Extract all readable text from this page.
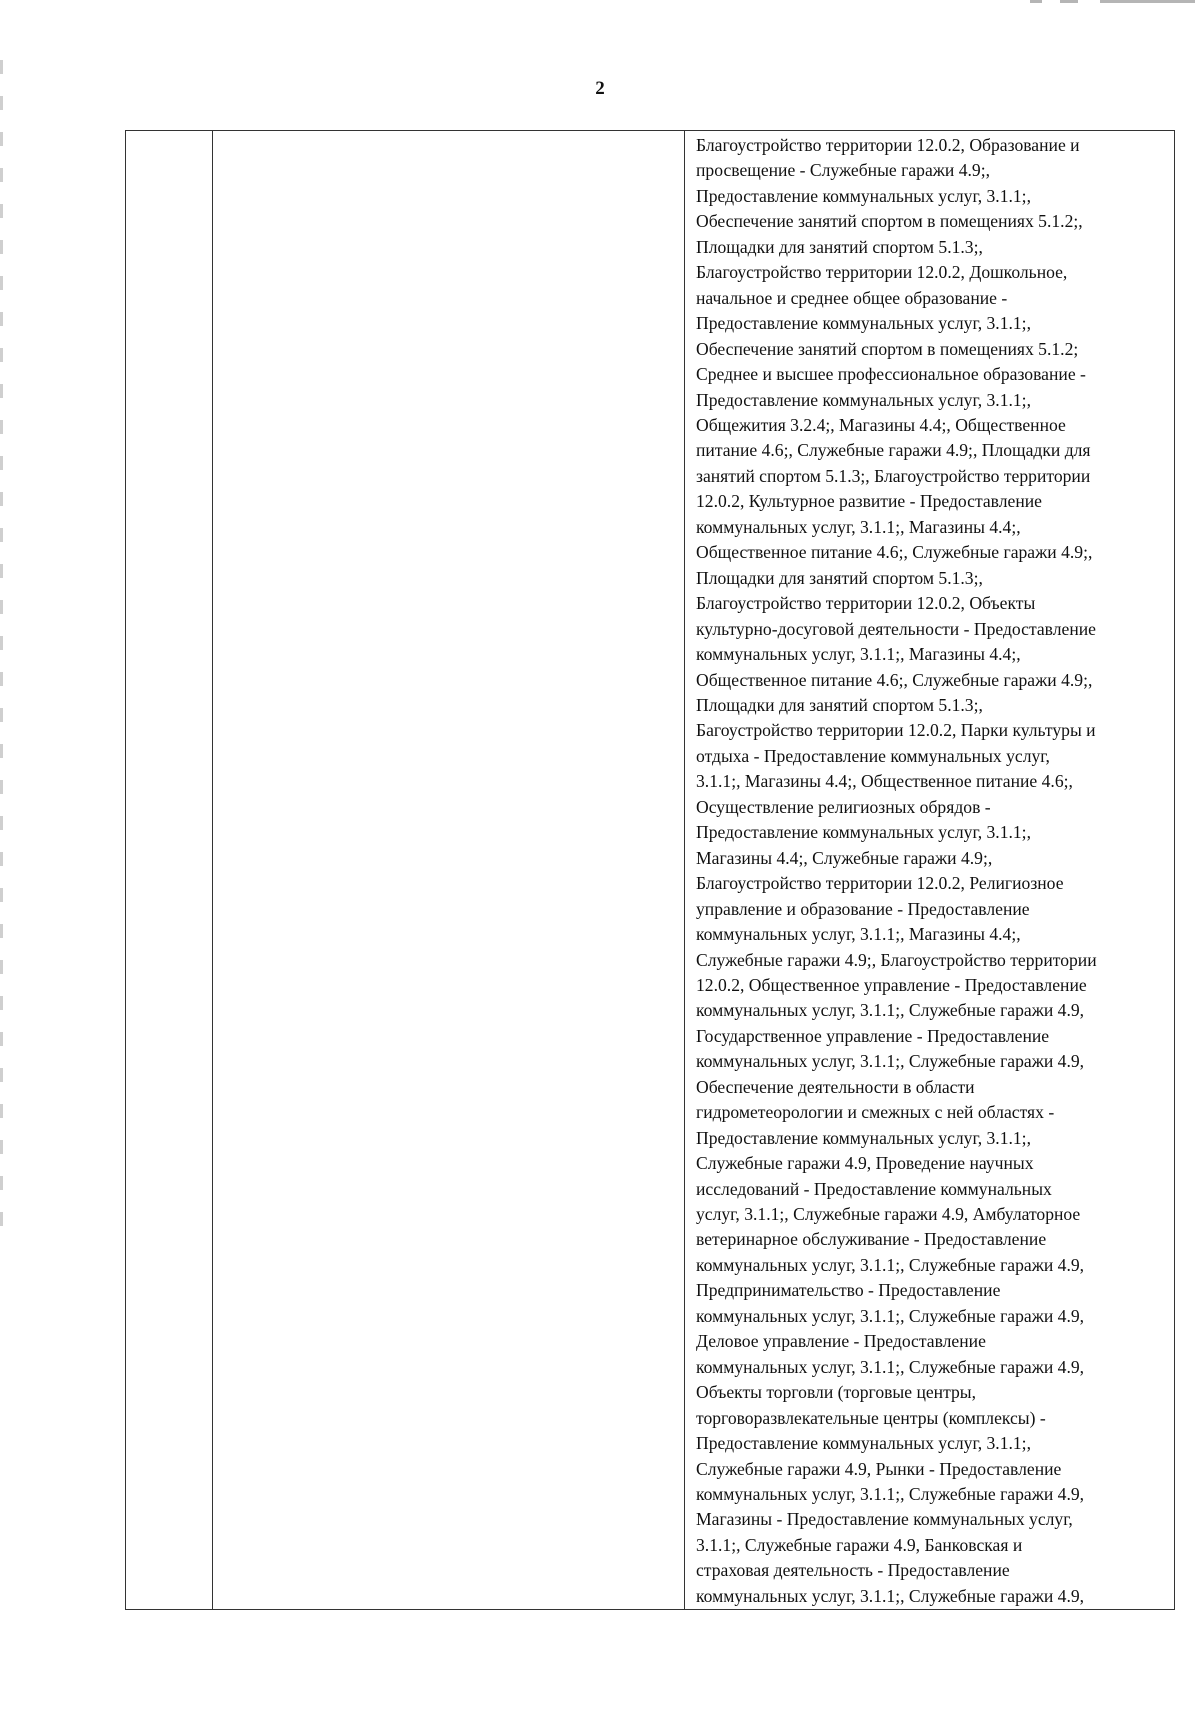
2

Благоустройство территории 12.0.2, Образование и
просвещение - Служебные гаражи 4.9;,
Предоставление коммунальных услуг, 3.1.1;,
Обеспечение занятий спортом в помещениях 5.1.2;,
Площадки для занятий спортом 5.1.3;,
Благоустройство территории 12.0.2, Дошкольное,
начальное и среднее общее образование -
Предоставление коммунальных услуг, 3.1.1;,
Обеспечение занятий спортом в помещениях 5.1.2;
Среднее и высшее профессиональное образование -
Предоставление коммунальных услуг, 3.1.1;,
Общежития 3.2.4;, Магазины 4.4;, Общественное
питание 4.6;, Служебные гаражи 4.9;, Площадки для
занятий спортом 5.1.3;, Благоустройство территории
12.0.2, Культурное развитие - Предоставление
коммунальных услуг, 3.1.1;, Магазины 4.4;,
Общественное питание 4.6;, Служебные гаражи 4.9;,
Площадки для занятий спортом 5.1.3;,
Благоустройство территории 12.0.2, Объекты
культурно-досуговой деятельности - Предоставление
коммунальных услуг, 3.1.1;, Магазины 4.4;,
Общественное питание 4.6;, Служебные гаражи 4.9;,
Площадки для занятий спортом 5.1.3;,
Багоустройство территории 12.0.2, Парки культуры и
отдыха - Предоставление коммунальных услуг,
3.1.1;, Магазины 4.4;, Общественное питание 4.6;,
Осуществление религиозных обрядов -
Предоставление коммунальных услуг, 3.1.1;,
Магазины 4.4;, Служебные гаражи 4.9;,
Благоустройство территории 12.0.2, Религиозное
управление и образование - Предоставление
коммунальных услуг, 3.1.1;, Магазины 4.4;,
Служебные гаражи 4.9;, Благоустройство территории
12.0.2, Общественное управление - Предоставление
коммунальных услуг, 3.1.1;, Служебные гаражи 4.9,
Государственное управление - Предоставление
коммунальных услуг, 3.1.1;, Служебные гаражи 4.9,
Обеспечение деятельности в области
гидрометеорологии и смежных с ней областях -
Предоставление коммунальных услуг, 3.1.1;,
Служебные гаражи 4.9, Проведение научных
исследований - Предоставление коммунальных
услуг, 3.1.1;, Служебные гаражи 4.9, Амбулаторное
ветеринарное обслуживание - Предоставление
коммунальных услуг, 3.1.1;, Служебные гаражи 4.9,
Предпринимательство - Предоставление
коммунальных услуг, 3.1.1;, Служебные гаражи 4.9,
Деловое управление - Предоставление
коммунальных услуг, 3.1.1;, Служебные гаражи 4.9,
Объекты торговли (торговые центры,
торговоразвлекательные центры (комплексы) -
Предоставление коммунальных услуг, 3.1.1;,
Служебные гаражи 4.9, Рынки - Предоставление
коммунальных услуг, 3.1.1;, Служебные гаражи 4.9,
Магазины - Предоставление коммунальных услуг,
3.1.1;, Служебные гаражи 4.9, Банковская и
страховая деятельность - Предоставление
коммунальных услуг, 3.1.1;, Служебные гаражи 4.9,
